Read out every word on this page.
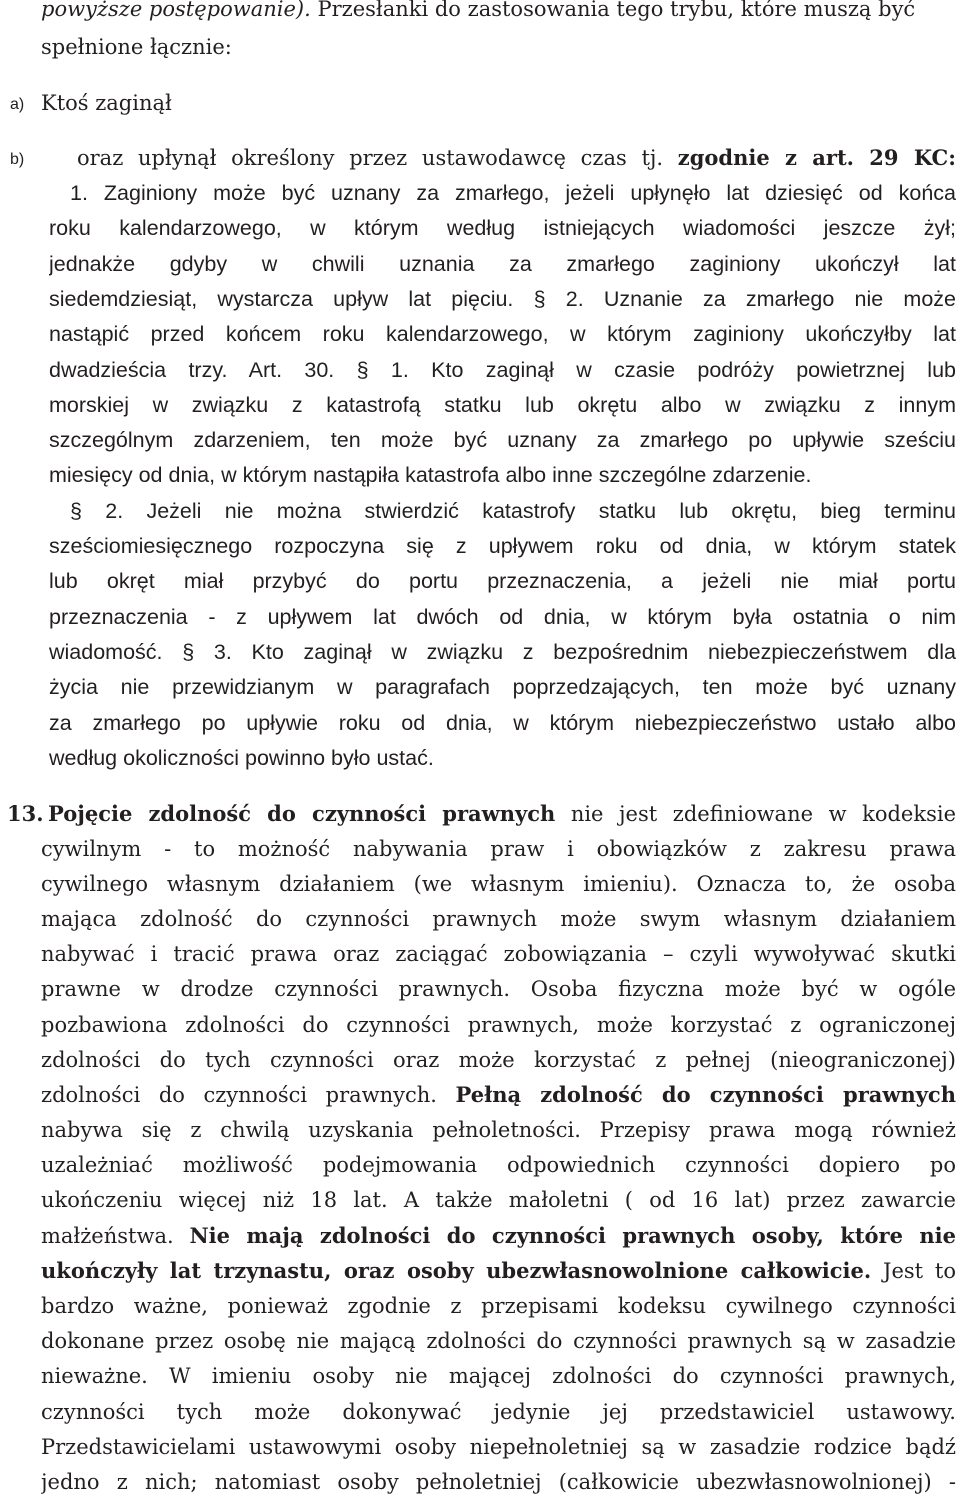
powyższe postępowanie). Przesłanki do zastosowania tego trybu, które muszą być
spełnione łącznie:
a) Ktoś zaginął
b)	oraz upłynął określony przez ustawodawcę czas tj. zgodnie z art. 29 KC:
1. Zaginiony może być uznany za zmarłego, jeżeli upłynęło lat dziesięć od końca
roku kalendarzowego, w którym według istniejących wiadomości jeszcze żył;
jednakże gdyby w chwili uznania za zmarłego zaginiony ukończył lat
siedemdziesiąt, wystarcza upływ lat pięciu. § 2. Uznanie za zmarłego nie może
nastąpić przed końcem roku kalendarzowego, w którym zaginiony ukończyłby lat
dwadzieścia trzy. Art. 30. § 1. Kto zaginął w czasie podróży powietrznej lub
morskiej w związku z katastrofą statku lub okrętu albo w związku z innym
szczególnym zdarzeniem, ten może być uznany za zmarłego po upływie sześciu
miesięcy od dnia, w którym nastąpiła katastrofa albo inne szczególne zdarzenie.
§ 2. Jeżeli nie można stwierdzić katastrofy statku lub okrętu, bieg terminu
sześciomiesięcznego rozpoczyna się z upływem roku od dnia, w którym statek
lub okręt miał przybyć do portu przeznaczenia, a jeżeli nie miał portu
przeznaczenia - z upływem lat dwóch od dnia, w którym była ostatnia o nim
wiadomość. § 3. Kto zaginął w związku z bezpośrednim niebezpieczeństwem dla
życia nie przewidzianym w paragrafach poprzedzających, ten może być uznany
za zmarłego po upływie roku od dnia, w którym niebezpieczeństwo ustało albo
według okoliczności powinno było ustać.
13. Pojęcie zdolność do czynności prawnych nie jest zdefiniowane w kodeksie
cywilnym - to możność nabywania praw i obowiązków z zakresu prawa
cywilnego własnym działaniem (we własnym imieniu). Oznacza to, że osoba
mająca zdolność do czynności prawnych może swym własnym działaniem
nabywać i tracić prawa oraz zaciągać zobowiązania – czyli wywoływać skutki
prawne w drodze czynności prawnych. Osoba fizyczna może być w ogóle
pozbawiona zdolności do czynności prawnych, może korzystać z ograniczonej
zdolności do tych czynności oraz może korzystać z pełnej (nieograniczonej)
zdolności do czynności prawnych. Pełną zdolność do czynności prawnych
nabywa się z chwilą uzyskania pełnoletności. Przepisy prawa mogą również
uzależniać możliwość podejmowania odpowiednich czynności dopiero po
ukończeniu więcej niż 18 lat. A także małoletni ( od 16 lat) przez zawarcie
małżeństwa. Nie mają zdolności do czynności prawnych osoby, które nie
ukończyły lat trzynastu, oraz osoby ubezwłasnowolnione całkowicie. Jest to
bardzo ważne, ponieważ zgodnie z przepisami kodeksu cywilnego czynności
dokonane przez osobę nie mającą zdolności do czynności prawnych są w zasadzie
nieważne. W imieniu osoby nie mającej zdolności do czynności prawnych,
czynności tych może dokonywać jedynie jej przedstawiciel ustawowy.
Przedstawicielami ustawowymi osoby niepełnoletniej są w zasadzie rodzice bądź
jedno z nich; natomiast osoby pełnoletniej (całkowicie ubezwłasnowolnionej) -
